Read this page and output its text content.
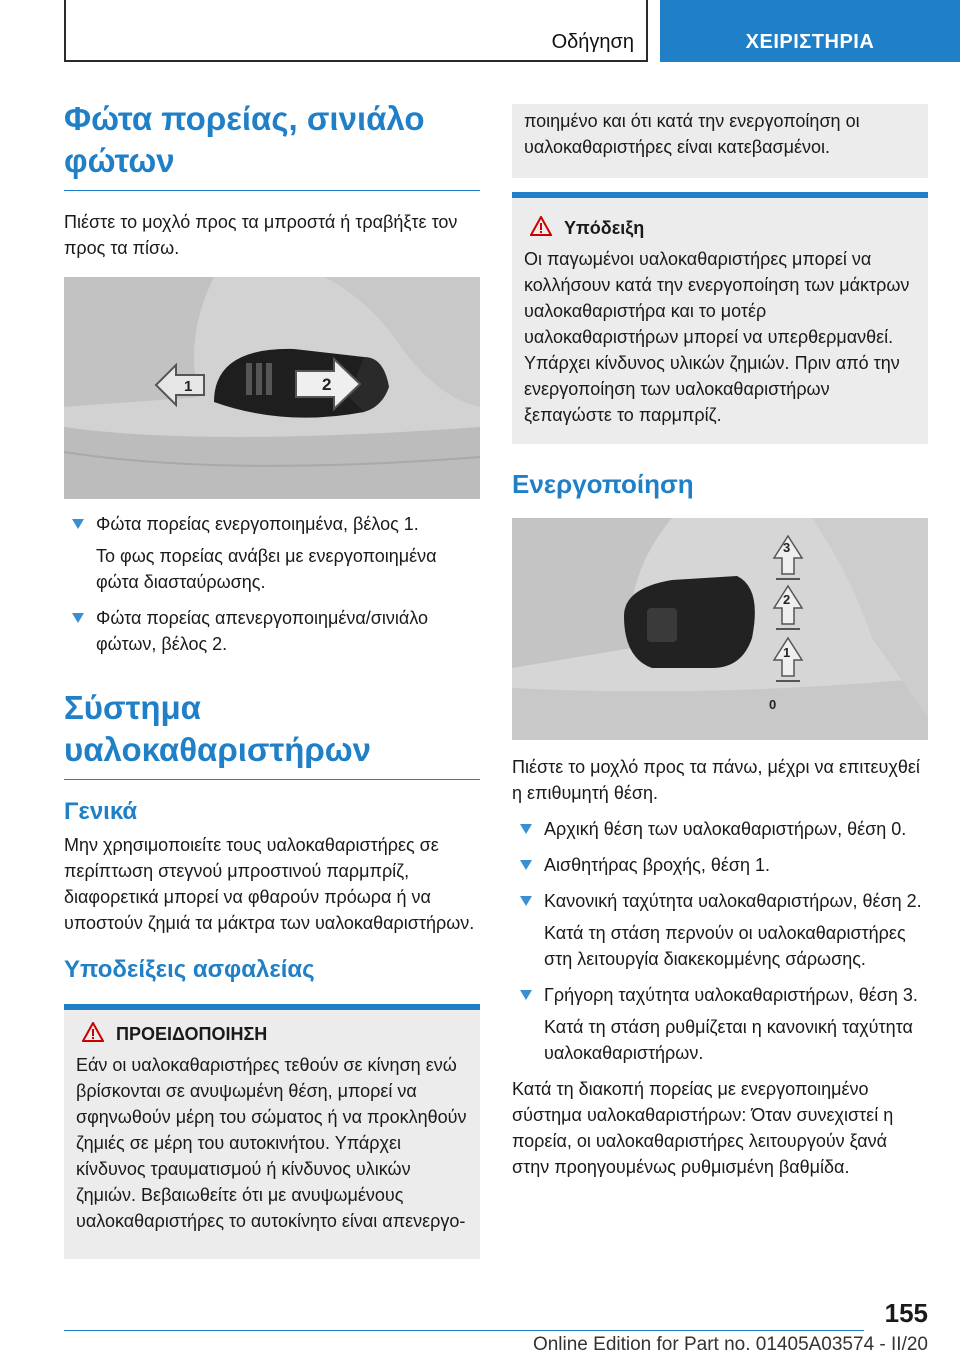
Οδήγηση	ΧΕΙΡΙΣΤΗΡΙΑ
Φώτα πορείας, σινιάλο φώτων

Πιέστε το μοχλό προς τα μπροστά ή τραβήξτε τον προς τα πίσω.

1	2
Φώτα πορείας ενεργοποιημένα, βέλος 1.
Το φως πορείας ανάβει με ενεργοποιημένα φώτα διασταύρωσης.
Φώτα πορείας απενεργοποιημένα/σινιάλο φώτων, βέλος 2.
Σύστημα υαλοκαθαριστήρων
Γενικά

Μην χρησιμοποιείτε τους υαλοκαθαριστήρες σε περίπτωση στεγνού μπροστινού παρμπρίζ, διαφορετικά μπορεί να φθαρούν πρόωρα ή να υποστούν ζημιά τα μάκτρα των υαλοκαθαριστήρων.

Υποδείξεις ασφαλείας
ΠΡΟΕΙΔΟΠΟΙΗΣΗ

Εάν οι υαλοκαθαριστήρες τεθούν σε κίνηση ενώ βρίσκονται σε ανυψωμένη θέση, μπορεί να σφηνωθούν μέρη του σώματος ή να προκληθούν ζημιές σε μέρη του αυτοκινήτου. Υπάρχει κίνδυνος τραυματισμού ή κίνδυνος υλικών ζημιών. Βεβαιωθείτε ότι με ανυψωμένους υαλοκαθαριστήρες το αυτοκίνητο είναι απενεργο-

ποιημένο και ότι κατά την ενεργοποίηση οι υαλοκαθαριστήρες είναι κατεβασμένοι.

Υπόδειξη

Οι παγωμένοι υαλοκαθαριστήρες μπορεί να κολλήσουν κατά την ενεργοποίηση των μάκτρων υαλοκαθαριστήρα και το μοτέρ υαλοκαθαριστήρων μπορεί να υπερθερμανθεί. Υπάρχει κίνδυνος υλικών ζημιών. Πριν από την ενεργοποίηση των υαλοκαθαριστήρων ξεπαγώστε το παρμπρίζ.

Ενεργοποίηση
3
2
1
0

Πιέστε το μοχλό προς τα πάνω, μέχρι να επιτευχθεί η επιθυμητή θέση.

Αρχική θέση των υαλοκαθαριστήρων, θέση 0.
Αισθητήρας βροχής, θέση 1.
Κανονική ταχύτητα υαλοκαθαριστήρων, θέση 2.
Κατά τη στάση περνούν οι υαλοκαθαριστήρες στη λειτουργία διακεκομμένης σάρωσης.
Γρήγορη ταχύτητα υαλοκαθαριστήρων, θέση 3.
Κατά τη στάση ρυθμίζεται η κανονική ταχύτητα υαλοκαθαριστήρων.

Κατά τη διακοπή πορείας με ενεργοποιημένο σύστημα υαλοκαθαριστήρων: Όταν συνεχιστεί η πορεία, οι υαλοκαθαριστήρες λειτουργούν ξανά στην προηγουμένως ρυθμισμένη βαθμίδα.

155
Online Edition for Part no. 01405A03574 - II/20
